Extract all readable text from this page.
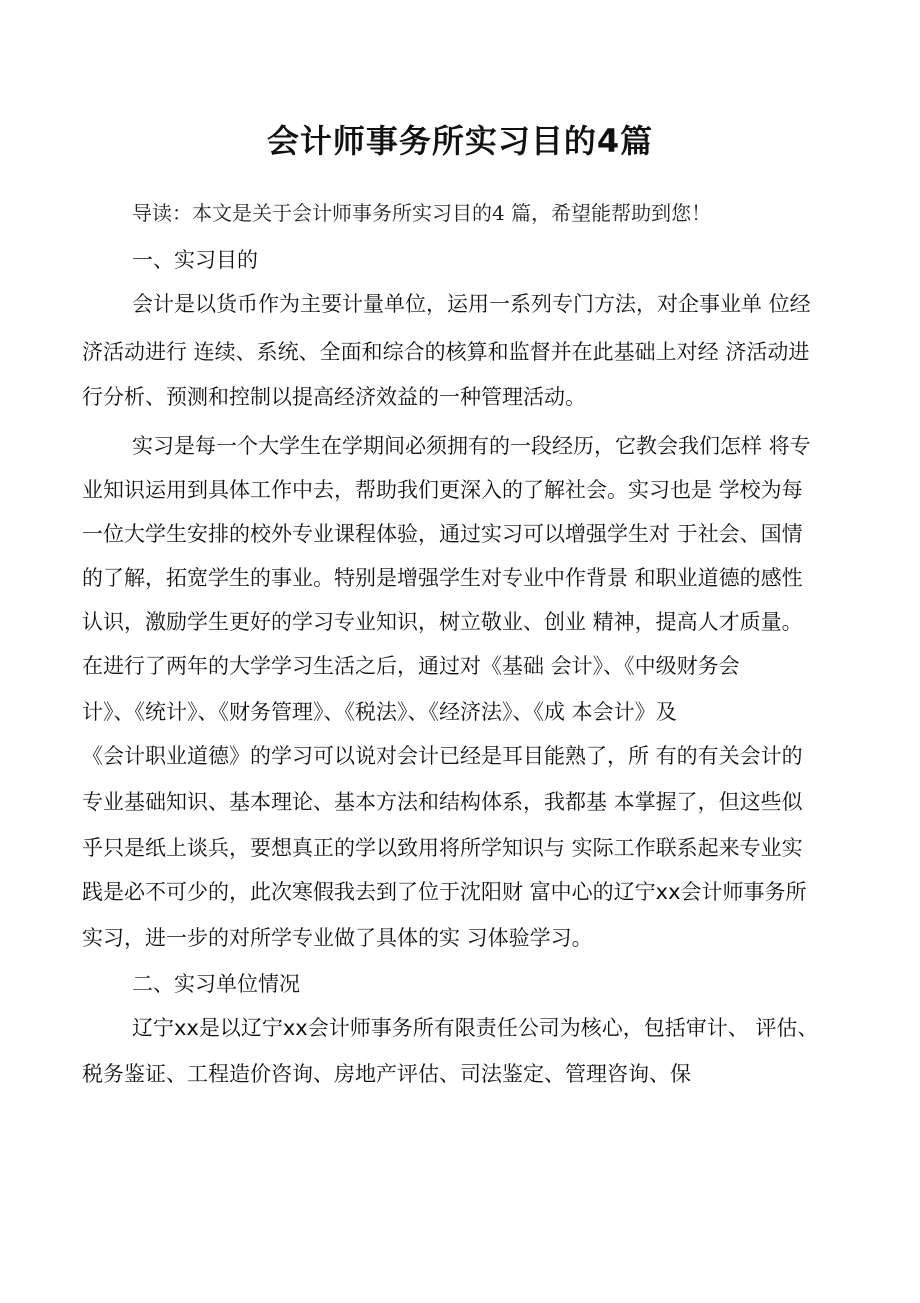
会计师事务所实习目的4篇
导读：本文是关于会计师事务所实习目的4 篇，希望能帮助到您！
一、实习目的
会计是以货币作为主要计量单位，运用一系列专门方法，对企事业单 位经
济活动进行 连续、系统、全面和综合的核算和监督并在此基础上对经 济活动进
行分析、预测和控制以提高经济效益的一种管理活动。
实习是每一个大学生在学期间必须拥有的一段经历，它教会我们怎样 将专
业知识运用到具体工作中去，帮助我们更深入的了解社会。实习也是 学校为每
一位大学生安排的校外专业课程体验，通过实习可以增强学生对 于社会、国情
的了解，拓宽学生的事业。特别是增强学生对专业中作背景 和职业道德的感性
认识，激励学生更好的学习专业知识，树立敬业、创业 精神，提高人才质量。
在进行了两年的大学学习生活之后，通过对《基础 会计》、《中级财务会
计》、《统计》、《财务管理》、《税法》、《经济法》、《成 本会计》及
《会计职业道德》的学习可以说对会计已经是耳目能熟了，所 有的有关会计的
专业基础知识、基本理论、基本方法和结构体系，我都基 本掌握了，但这些似
乎只是纸上谈兵，要想真正的学以致用将所学知识与 实际工作联系起来专业实
践是必不可少的，此次寒假我去到了位于沈阳财 富中心的辽宁xx会计师事务所
实习，进一步的对所学专业做了具体的实 习体验学习。
二、实习单位情况
辽宁xx是以辽宁xx会计师事务所有限责任公司为核心，包括审计、 评估、
税务鉴证、工程造价咨询、房地产评估、司法鉴定、管理咨询、保
